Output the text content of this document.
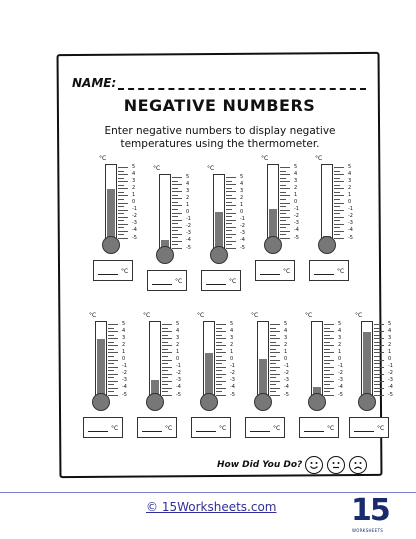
NAME:
NEGATIVE NUMBERS
Enter negative numbers to display negative temperatures using the thermometer.
°C
5
4
3
2
1
0
-1
-2
-3
-4
-5
°C
°C
5
4
3
2
1
0
-1
-2
-3
-4
-5
°C
°C
5
4
3
2
1
0
-1
-2
-3
-4
-5
°C
°C
5
4
3
2
1
0
-1
-2
-3
-4
-5
°C
°C
5
4
3
2
1
0
-1
-2
-3
-4
-5
°C
°C
5
4
3
2
1
0
-1
-2
-3
-4
-5
°C
°C
5
4
3
2
1
0
-1
-2
-3
-4
-5
°C
°C
5
4
3
2
1
0
-1
-2
-3
-4
-5
°C
°C
5
4
3
2
1
0
-1
-2
-3
-4
-5
°C
°C
5
4
3
2
1
0
-1
-2
-3
-4
-5
°C
°C
5
4
3
2
1
0
-1
-2
-3
-4
-5
°C
How Did You Do?
© 15Worksheets.com 15
WORKSHEETS
